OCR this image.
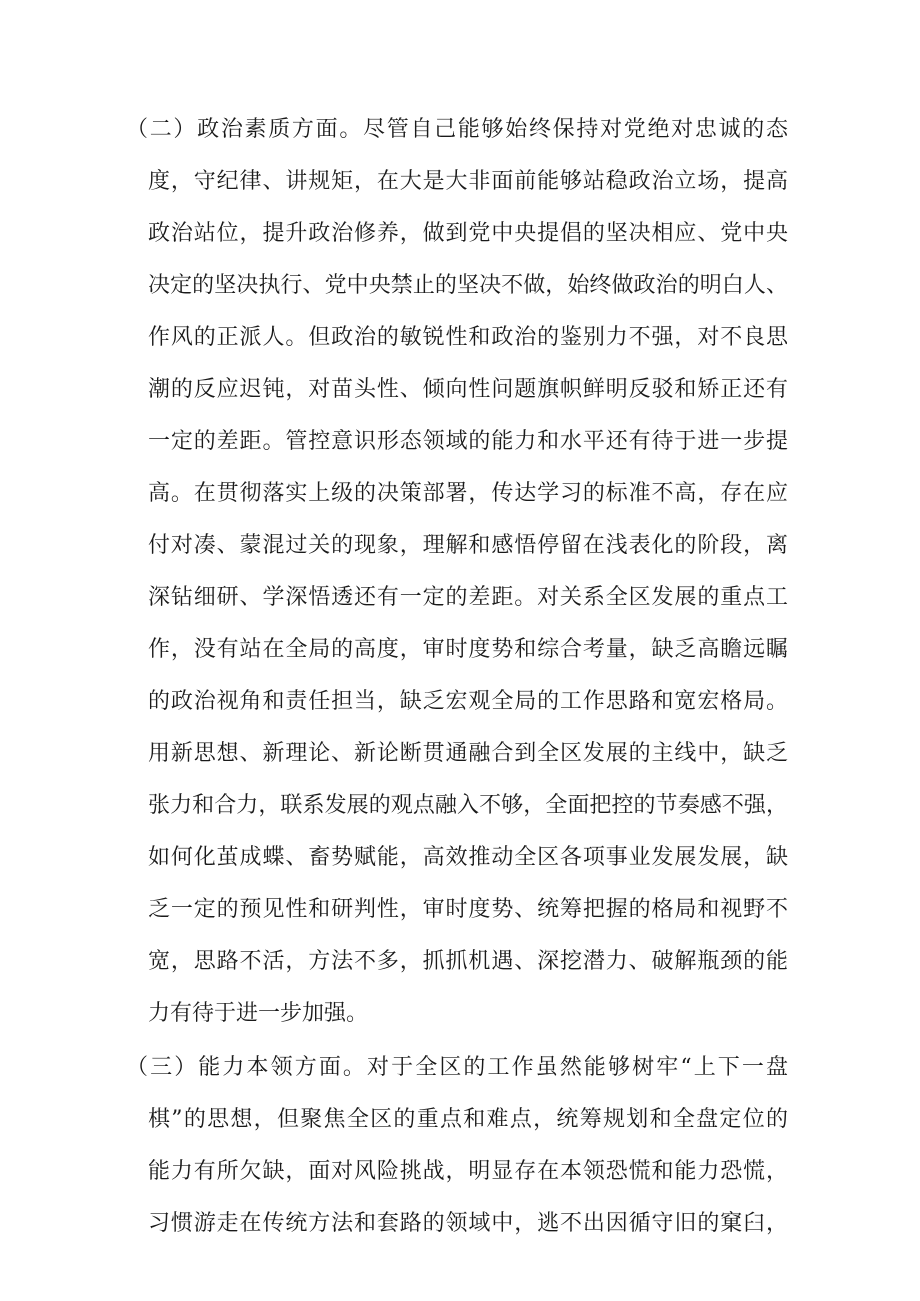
（二）政治素质方面。尽管自己能够始终保持对党绝对忠诚的态
度，守纪律、讲规矩，在大是大非面前能够站稳政治立场，提高
政治站位，提升政治修养，做到党中央提倡的坚决相应、党中央
决定的坚决执行、党中央禁止的坚决不做，始终做政治的明白人、
作风的正派人。但政治的敏锐性和政治的鉴别力不强，对不良思
潮的反应迟钝，对苗头性、倾向性问题旗帜鲜明反驳和矫正还有
一定的差距。管控意识形态领域的能力和水平还有待于进一步提
高。在贯彻落实上级的决策部署，传达学习的标准不高，存在应
付对凑、蒙混过关的现象，理解和感悟停留在浅表化的阶段，离
深钻细研、学深悟透还有一定的差距。对关系全区发展的重点工
作，没有站在全局的高度，审时度势和综合考量，缺乏高瞻远瞩
的政治视角和责任担当，缺乏宏观全局的工作思路和宽宏格局。
用新思想、新理论、新论断贯通融合到全区发展的主线中，缺乏
张力和合力，联系发展的观点融入不够，全面把控的节奏感不强，
如何化茧成蝶、畜势赋能，高效推动全区各项事业发展发展，缺
乏一定的预见性和研判性，审时度势、统筹把握的格局和视野不
宽，思路不活，方法不多，抓抓机遇、深挖潜力、破解瓶颈的能
力有待于进一步加强。
（三）能力本领方面。对于全区的工作虽然能够树牢“上下一盘
棋”的思想，但聚焦全区的重点和难点，统筹规划和全盘定位的
能力有所欠缺，面对风险挑战，明显存在本领恐慌和能力恐慌，
习惯游走在传统方法和套路的领域中，逃不出因循守旧的窠臼，
